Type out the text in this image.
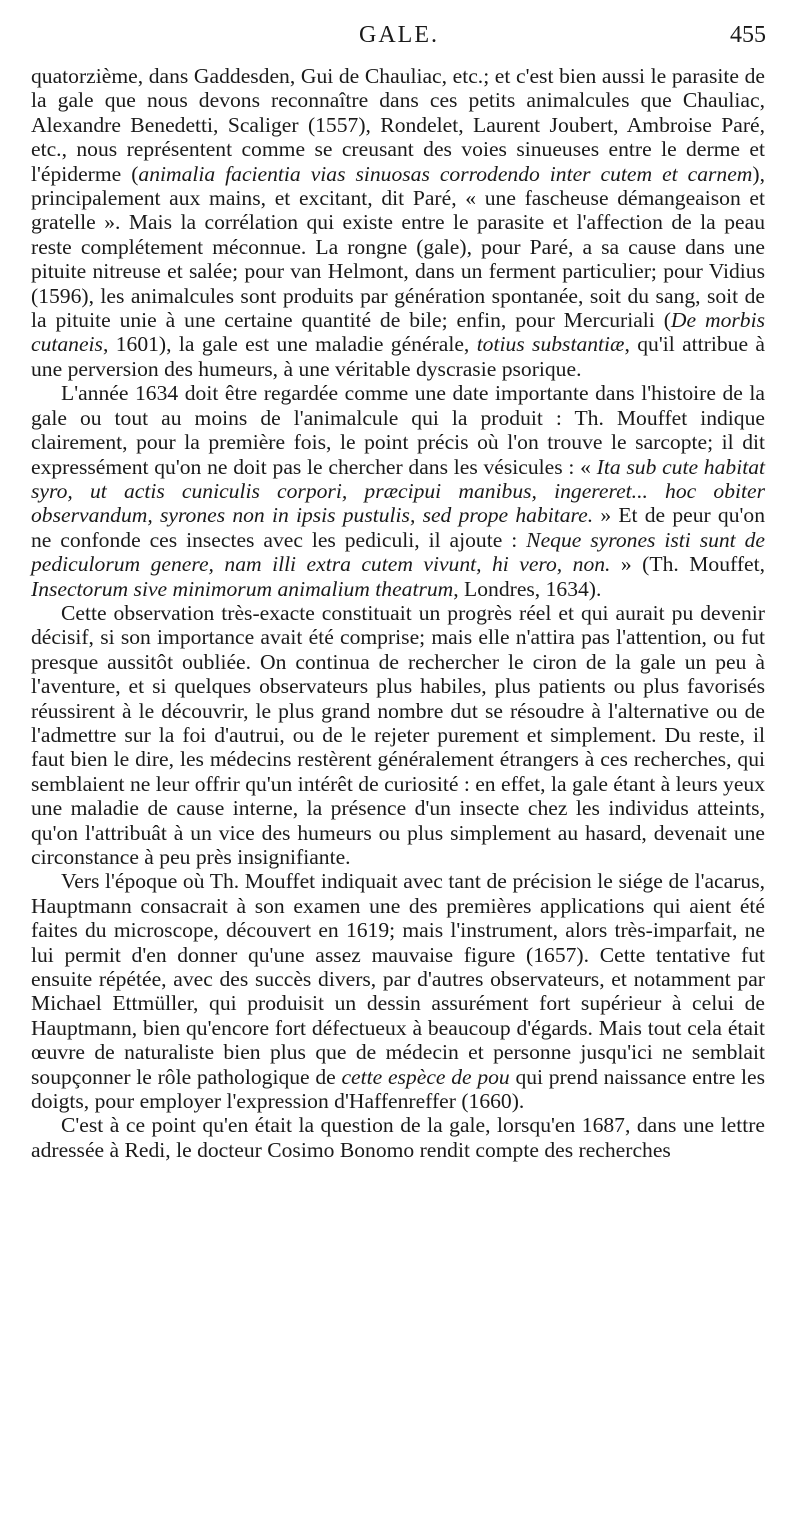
GALE.	455

quatorzième, dans Gaddesden, Gui de Chauliac, etc.; et c'est bien aussi le parasite de la gale que nous devons reconnaître dans ces petits animalcules que Chauliac, Alexandre Benedetti, Scaliger (1557), Rondelet, Laurent Joubert, Ambroise Paré, etc., nous représentent comme se creusant des voies sinueuses entre le derme et l'épiderme (animalia facientia vias sinuosas corrodendo inter cutem et carnem), principalement aux mains, et excitant, dit Paré, « une fascheuse démangeaison et gratelle ». Mais la corrélation qui existe entre le parasite et l'affection de la peau reste complétement méconnue. La rongne (gale), pour Paré, a sa cause dans une pituite nitreuse et salée; pour van Helmont, dans un ferment particulier; pour Vidius (1596), les animalcules sont produits par génération spontanée, soit du sang, soit de la pituite unie à une certaine quantité de bile; enfin, pour Mercuriali (De morbis cutaneis, 1601), la gale est une maladie générale, totius substantiæ, qu'il attribue à une perversion des humeurs, à une véritable dyscrasie psorique.

L'année 1634 doit être regardée comme une date importante dans l'histoire de la gale ou tout au moins de l'animalcule qui la produit : Th. Mouffet indique clairement, pour la première fois, le point précis où l'on trouve le sarcopte; il dit expressément qu'on ne doit pas le chercher dans les vésicules : « Ita sub cute habitat syro, ut actis cuniculis corpori, præcipui manibus, ingereret... hoc obiter observandum, syrones non in ipsis pustulis, sed prope habitare. » Et de peur qu'on ne confonde ces insectes avec les pediculi, il ajoute : Neque syrones isti sunt de pediculorum genere, nam illi extra cutem vivunt, hi vero, non. » (Th. Mouffet, Insectorum sive minimorum animalium theatrum, Londres, 1634).

Cette observation très-exacte constituait un progrès réel et qui aurait pu devenir décisif, si son importance avait été comprise; mais elle n'attira pas l'attention, ou fut presque aussitôt oubliée. On continua de rechercher le ciron de la gale un peu à l'aventure, et si quelques observateurs plus habiles, plus patients ou plus favorisés réussirent à le découvrir, le plus grand nombre dut se résoudre à l'alternative ou de l'admettre sur la foi d'autrui, ou de le rejeter purement et simplement. Du reste, il faut bien le dire, les médecins restèrent généralement étrangers à ces recherches, qui semblaient ne leur offrir qu'un intérêt de curiosité : en effet, la gale étant à leurs yeux une maladie de cause interne, la présence d'un insecte chez les individus atteints, qu'on l'attribuât à un vice des humeurs ou plus simplement au hasard, devenait une circonstance à peu près insignifiante.

Vers l'époque où Th. Mouffet indiquait avec tant de précision le siége de l'acarus, Hauptmann consacrait à son examen une des premières applications qui aient été faites du microscope, découvert en 1619; mais l'instrument, alors très-imparfait, ne lui permit d'en donner qu'une assez mauvaise figure (1657). Cette tentative fut ensuite répétée, avec des succès divers, par d'autres observateurs, et notamment par Michael Ettmüller, qui produisit un dessin assurément fort supérieur à celui de Hauptmann, bien qu'encore fort défectueux à beaucoup d'égards. Mais tout cela était œuvre de naturaliste bien plus que de médecin et personne jusqu'ici ne semblait soupçonner le rôle pathologique de cette espèce de pou qui prend naissance entre les doigts, pour employer l'expression d'Haffenreffer (1660).

C'est à ce point qu'en était la question de la gale, lorsqu'en 1687, dans une lettre adressée à Redi, le docteur Cosimo Bonomo rendit compte des recherches
